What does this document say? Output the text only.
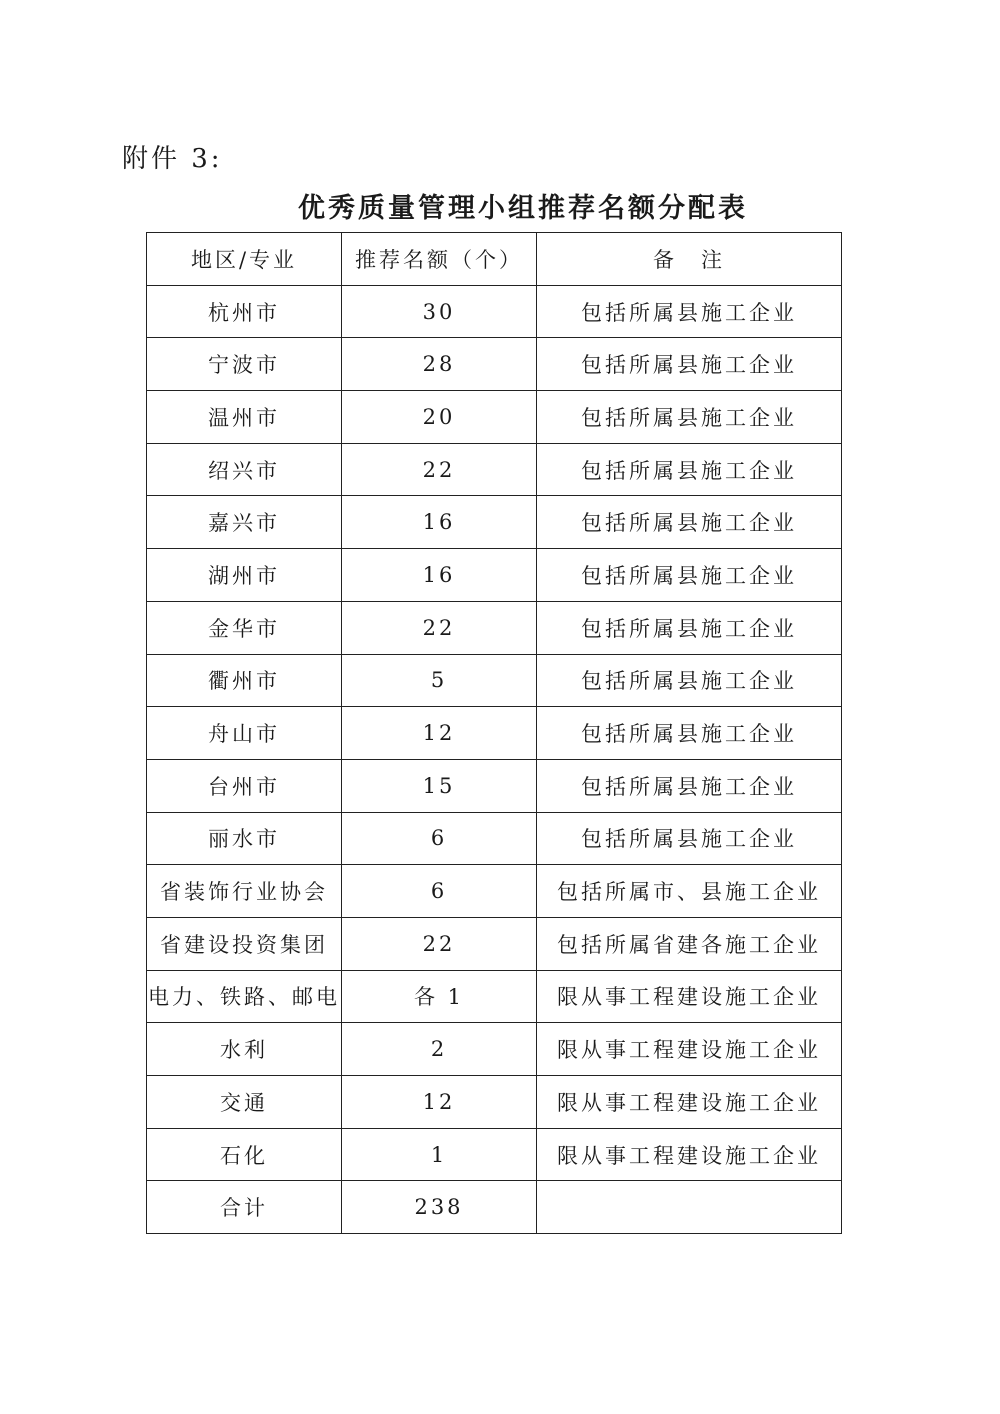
附件 3:
优秀质量管理小组推荐名额分配表
地区/专业	推荐名额（个）	备　注
杭州市	30	包括所属县施工企业
宁波市	28	包括所属县施工企业
温州市	20	包括所属县施工企业
绍兴市	22	包括所属县施工企业
嘉兴市	16	包括所属县施工企业
湖州市	16	包括所属县施工企业
金华市	22	包括所属县施工企业
衢州市	5	包括所属县施工企业
舟山市	12	包括所属县施工企业
台州市	15	包括所属县施工企业
丽水市	6	包括所属县施工企业
省装饰行业协会	6	包括所属市、县施工企业
省建设投资集团	22	包括所属省建各施工企业
电力、铁路、邮电	各 1	限从事工程建设施工企业
水利	2	限从事工程建设施工企业
交通	12	限从事工程建设施工企业
石化	1	限从事工程建设施工企业
合计	238	
